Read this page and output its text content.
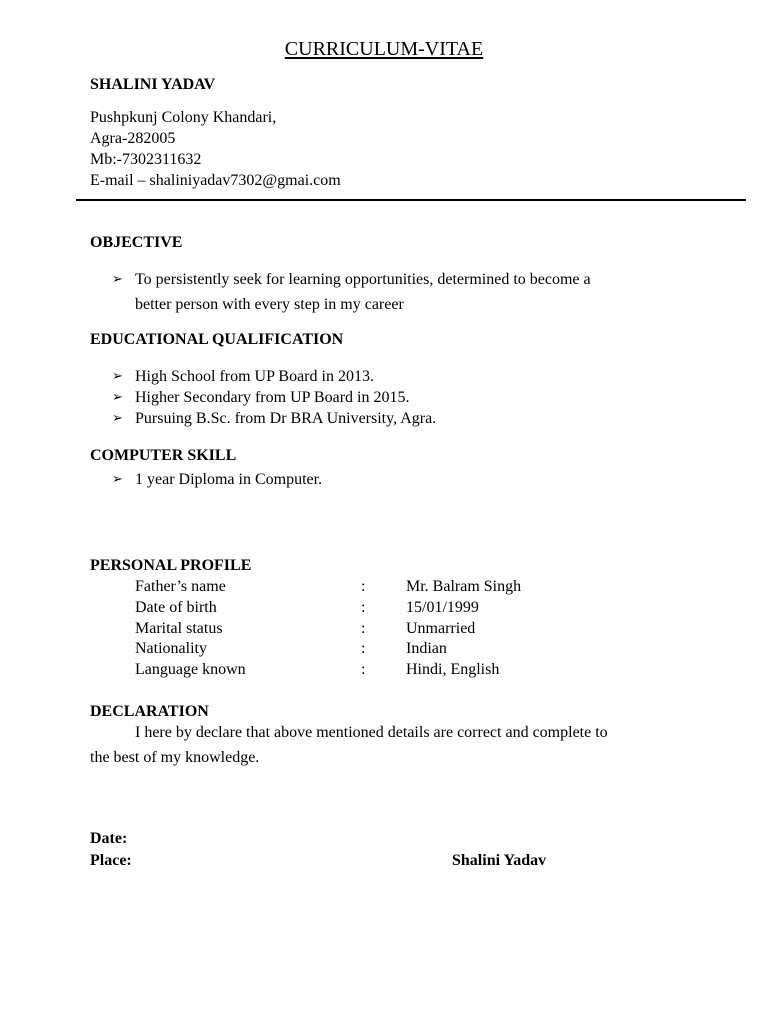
CURRICULUM-VITAE
SHALINI YADAV
Pushpkunj Colony Khandari,
Agra-282005
Mb:-7302311632
E-mail – shaliniyadav7302@gmai.com
OBJECTIVE
➢ To persistently seek for learning opportunities, determined to become a
better person with every step in my career
EDUCATIONAL QUALIFICATION
➢ High School from UP Board in 2013.
➢ Higher Secondary from UP Board in 2015.
➢ Pursuing B.Sc. from Dr BRA University, Agra.
COMPUTER SKILL
➢ 1 year Diploma in Computer.
PERSONAL PROFILE
Father’s name	:	Mr. Balram Singh
Date of birth	:	15/01/1999
Marital status	:	Unmarried
Nationality	:	Indian
Language known	:	Hindi, English
DECLARATION
I here by declare that above mentioned details are correct and complete to
the best of my knowledge.
Date:
Place:	Shalini Yadav
